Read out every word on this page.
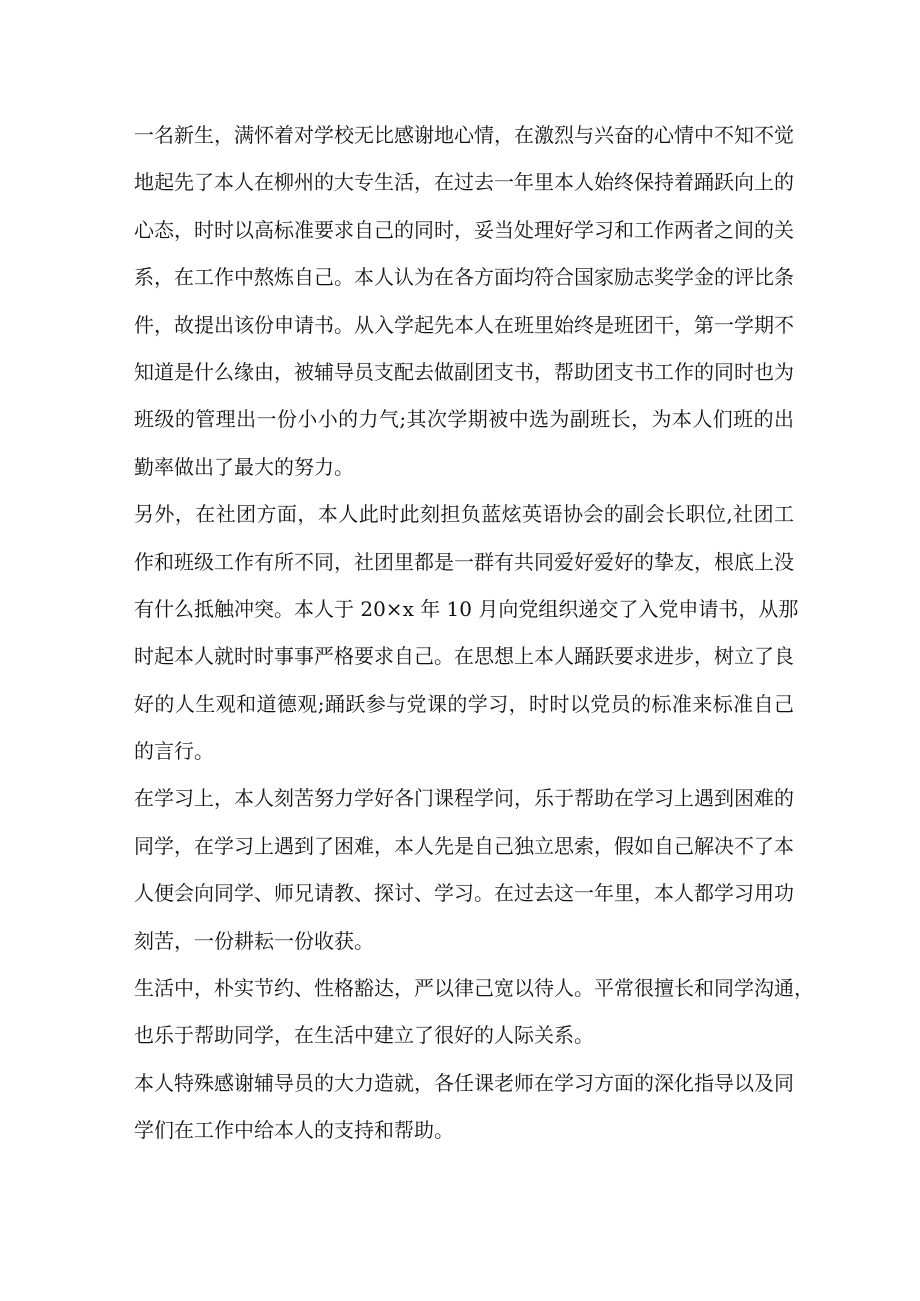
一名新生，满怀着对学校无比感谢地心情，在激烈与兴奋的心情中不知不觉
地起先了本人在柳州的大专生活，在过去一年里本人始终保持着踊跃向上的
心态，时时以高标准要求自己的同时，妥当处理好学习和工作两者之间的关
系，在工作中熬炼自己。本人认为在各方面均符合国家励志奖学金的评比条
件，故提出该份申请书。从入学起先本人在班里始终是班团干，第一学期不
知道是什么缘由，被辅导员支配去做副团支书，帮助团支书工作的同时也为
班级的管理出一份小小的力气;其次学期被中选为副班长，为本人们班的出
勤率做出了最大的努力。
另外，在社团方面，本人此时此刻担负蓝炫英语协会的副会长职位,社团工
作和班级工作有所不同，社团里都是一群有共同爱好爱好的挚友，根底上没
有什么抵触冲突。本人于 20×x 年 10 月向党组织递交了入党申请书，从那
时起本人就时时事事严格要求自己。在思想上本人踊跃要求进步，树立了良
好的人生观和道德观;踊跃参与党课的学习，时时以党员的标准来标准自己
的言行。
在学习上，本人刻苦努力学好各门课程学问，乐于帮助在学习上遇到困难的
同学，在学习上遇到了困难，本人先是自己独立思索，假如自己解决不了本
人便会向同学、师兄请教、探讨、学习。在过去这一年里，本人都学习用功
刻苦，一份耕耘一份收获。
生活中，朴实节约、性格豁达，严以律己宽以待人。平常很擅长和同学沟通，
也乐于帮助同学，在生活中建立了很好的人际关系。
本人特殊感谢辅导员的大力造就，各任课老师在学习方面的深化指导以及同
学们在工作中给本人的支持和帮助。
